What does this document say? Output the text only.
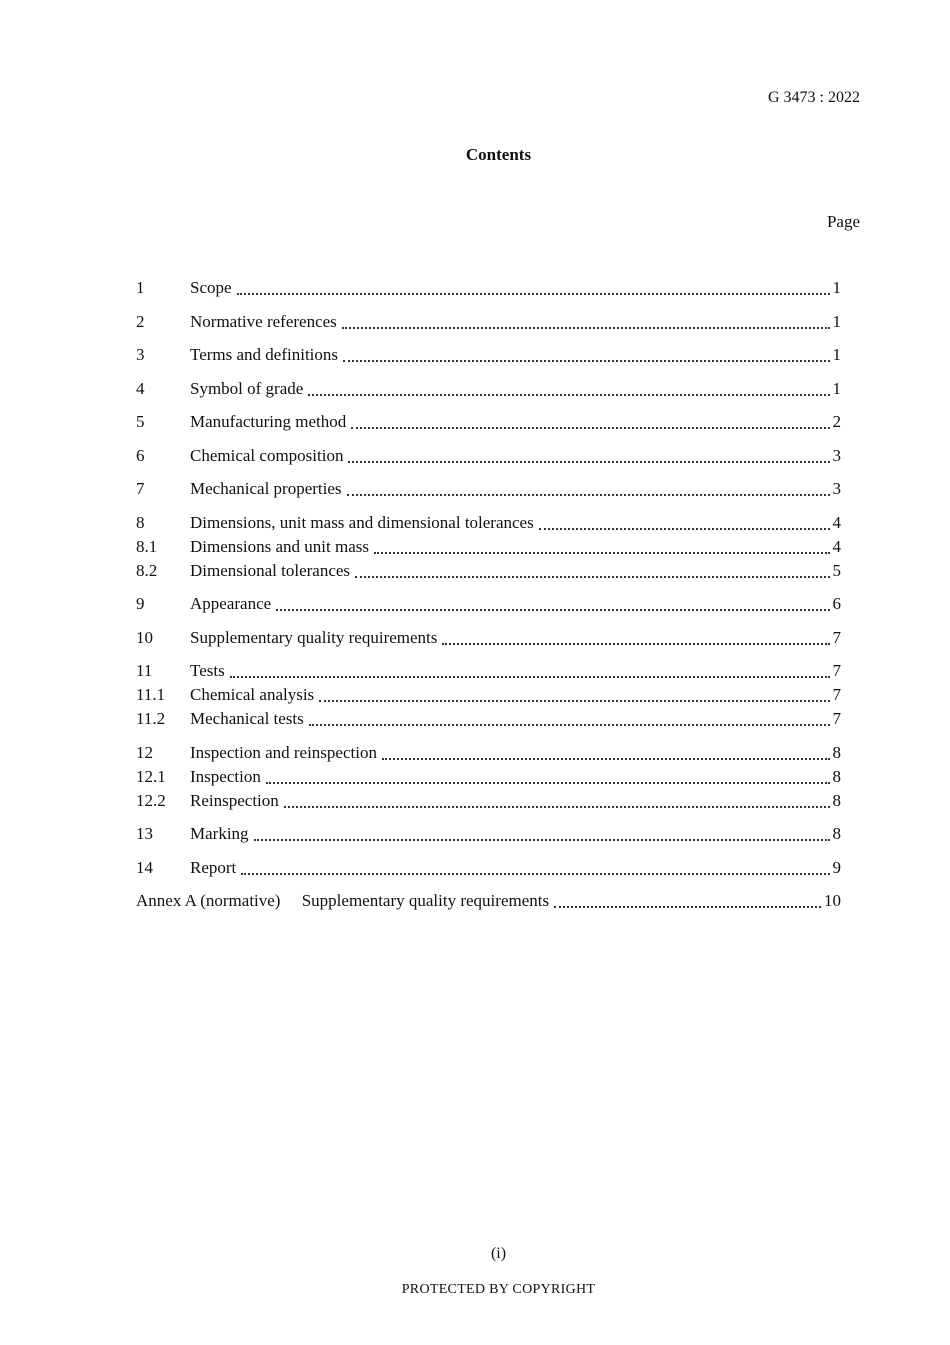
G 3473 : 2022
Contents
Page
1	Scope	1
2	Normative references	1
3	Terms and definitions	1
4	Symbol of grade	1
5	Manufacturing method	2
6	Chemical composition	3
7	Mechanical properties	3
8	Dimensions, unit mass and dimensional tolerances	4
8.1	Dimensions and unit mass	4
8.2	Dimensional tolerances	5
9	Appearance	6
10	Supplementary quality requirements	7
11	Tests	7
11.1	Chemical analysis	7
11.2	Mechanical tests	7
12	Inspection and reinspection	8
12.1	Inspection	8
12.2	Reinspection	8
13	Marking	8
14	Report	9
Annex A (normative)  Supplementary quality requirements	10
(i)
PROTECTED BY COPYRIGHT
